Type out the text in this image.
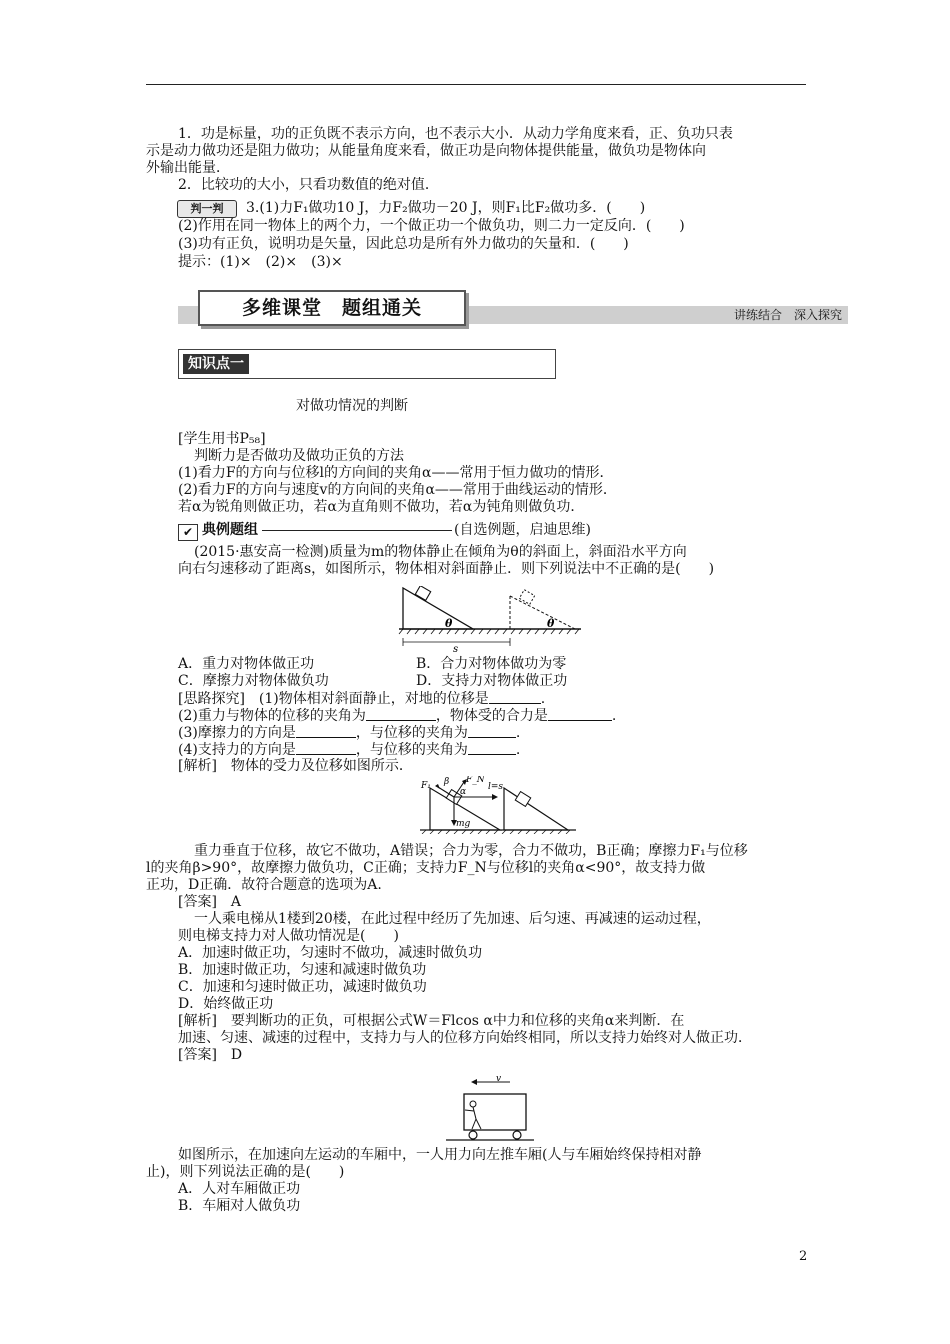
1．功是标量，功的正负既不表示方向，也不表示大小．从动力学角度来看，正、负功只表
示是动力做功还是阻力做功；从能量角度来看，做正功是向物体提供能量，做负功是物体向
外输出能量．
2．比较功的大小，只看功数值的绝对值．
判一判	3.(1)力F₁做功10 J，力F₂做功－20 J，则F₁比F₂做功多．(　　)
(2)作用在同一物体上的两个力，一个做正功一个做负功，则二力一定反向．(　　)
(3)功有正负，说明功是矢量，因此总功是所有外力做功的矢量和．(　　)
提示：(1)×　(2)×　(3)×
多维课堂　题组通关	讲练结合　深入探究
知识点一
对做功情况的判断
[学生用书P₅₈]
判断力是否做功及做功正负的方法
(1)看力F的方向与位移l的方向间的夹角α——常用于恒力做功的情形．
(2)看力F的方向与速度v的方向间的夹角α——常用于曲线运动的情形．
若α为锐角则做正功，若α为直角则不做功，若α为钝角则做负功．
✔ 典例题组	(自选例题，启迪思维)
(2015·惠安高一检测)质量为m的物体静止在倾角为θ的斜面上，斜面沿水平方向
向右匀速移动了距离s，如图所示，物体相对斜面静止．则下列说法中不正确的是(　　)
θ	θ
s
A．重力对物体做正功	B．合力对物体做功为零
C．摩擦力对物体做负功	D．支持力对物体做正功
[思路探究]　(1)物体相对斜面静止，对地的位移是	.
(2)重力与物体的位移的夹角为	，物体受的合力是	.
(3)摩擦力的方向是	，与位移的夹角为	.
(4)支持力的方向是	，与位移的夹角为	.
[解析]　物体的受力及位移如图所示．
F₁ β F_N
α l=s
mg
重力垂直于位移，故它不做功，A错误；合力为零，合力不做功，B正确；摩擦力F₁与位移
l的夹角β>90°，故摩擦力做负功，C正确；支持力F_N与位移l的夹角α<90°，故支持力做
正功，D正确．故符合题意的选项为A.
[答案]　A
一人乘电梯从1楼到20楼，在此过程中经历了先加速、后匀速、再减速的运动过程，
则电梯支持力对人做功情况是(　　)
A．加速时做正功，匀速时不做功，减速时做负功
B．加速时做正功，匀速和减速时做负功
C．加速和匀速时做正功，减速时做负功
D．始终做正功
[解析]　要判断功的正负，可根据公式W＝Flcos α中力和位移的夹角α来判断．在
加速、匀速、减速的过程中，支持力与人的位移方向始终相同，所以支持力始终对人做正功．
[答案]　D
v
如图所示，在加速向左运动的车厢中，一人用力向左推车厢(人与车厢始终保持相对静
止)，则下列说法正确的是(　　)
A．人对车厢做正功
B．车厢对人做负功
2
